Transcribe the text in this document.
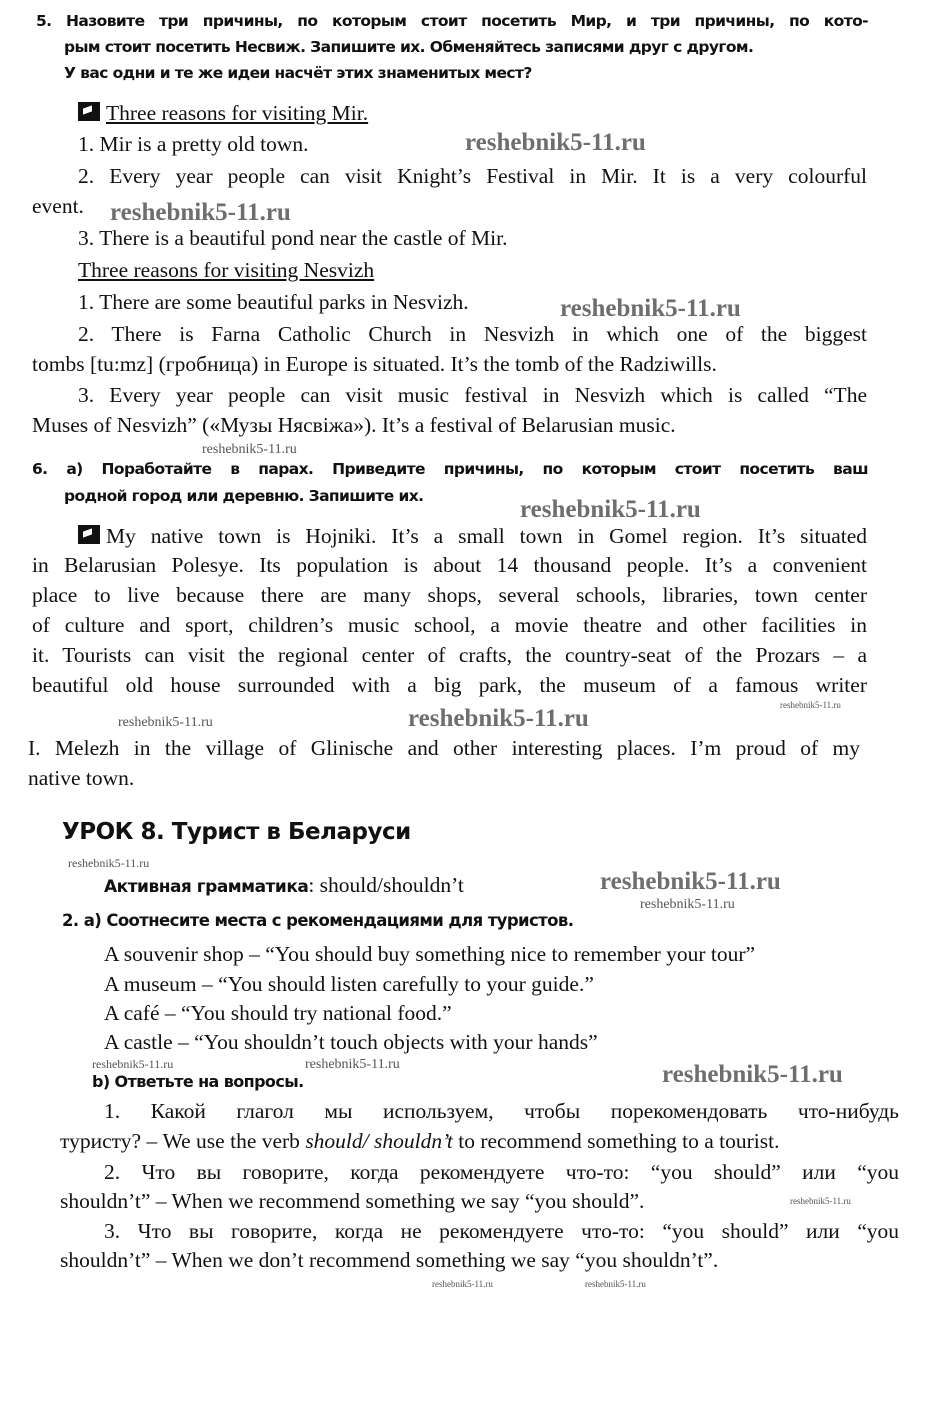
5. Назовите три причины, по которым стоит посетить Мир, и три причины, по кото-
рым стоит посетить Несвиж. Запишите их. Обменяйтесь записями друг с другом.
У вас одни и те же идеи насчёт этих знаменитых мест?
Three reasons for visiting Mir.
1. Mir is a pretty old town.
2. Every year people can visit Knight’s Festival in Mir. It is a very colourful
event.
3. There is a beautiful pond near the castle of Mir.
Three reasons for visiting Nesvizh
1. There are some beautiful parks in Nesvizh.
2. There is Farna Catholic Church in Nesvizh in which one of the biggest
tombs [tu:mz] (гробница) in Europe is situated. It’s the tomb of the Radziwills.
3. Every year people can visit music festival in Nesvizh which is called “The
Muses of Nesvizh” («Музы Нясвіжа»). It’s a festival of Belarusian music.
6. а) Поработайте в парах. Приведите причины, по которым стоит посетить ваш
родной город или деревню. Запишите их.
My native town is Hojniki. It’s a small town in Gomel region. It’s situated
in Belarusian Polesye. Its population is about 14 thousand people. It’s a convenient
place to live because there are many shops, several schools, libraries, town center
of culture and sport, children’s music school, a movie theatre and other facilities in
it. Tourists can visit the regional center of crafts, the country-seat of the Prozars – a
beautiful old house surrounded with a big park, the museum of a famous writer
I. Melezh in the village of Glinische and other interesting places. I’m proud of my
native town.
УРОК 8. Турист в Беларуси
Активная грамматика: should/shouldn’t
2. а) Соотнесите места с рекомендациями для туристов.
A souvenir shop – “You should buy something nice to remember your tour”
A museum – “You should listen carefully to your guide.”
A café – “You should try national food.”
A castle – “You shouldn’t touch objects with your hands”
b) Ответьте на вопросы.
1. Какой глагол мы используем, чтобы порекомендовать что-нибудь
туристу? – We use the verb should/ shouldn’t to recommend something to a tourist.
2. Что вы говорите, когда рекомендуете что-то: “you should” или “you
shouldn’t” – When we recommend something we say “you should”.
3. Что вы говорите, когда не рекомендуете что-то: “you should” или “you
shouldn’t” – When we don’t recommend something we say “you shouldn’t”.
reshebnik5-11.ru
reshebnik5-11.ru
reshebnik5-11.ru
reshebnik5-11.ru
reshebnik5-11.ru
reshebnik5-11.ru
reshebnik5-11.ru	reshebnik5-11.ru
reshebnik5-11.ru
reshebnik5-11.ru
reshebnik5-11.ru
reshebnik5-11.ru	reshebnik5-11.ru	reshebnik5-11.ru
reshebnik5-11.ru
reshebnik5-11.ru	reshebnik5-11.ru
